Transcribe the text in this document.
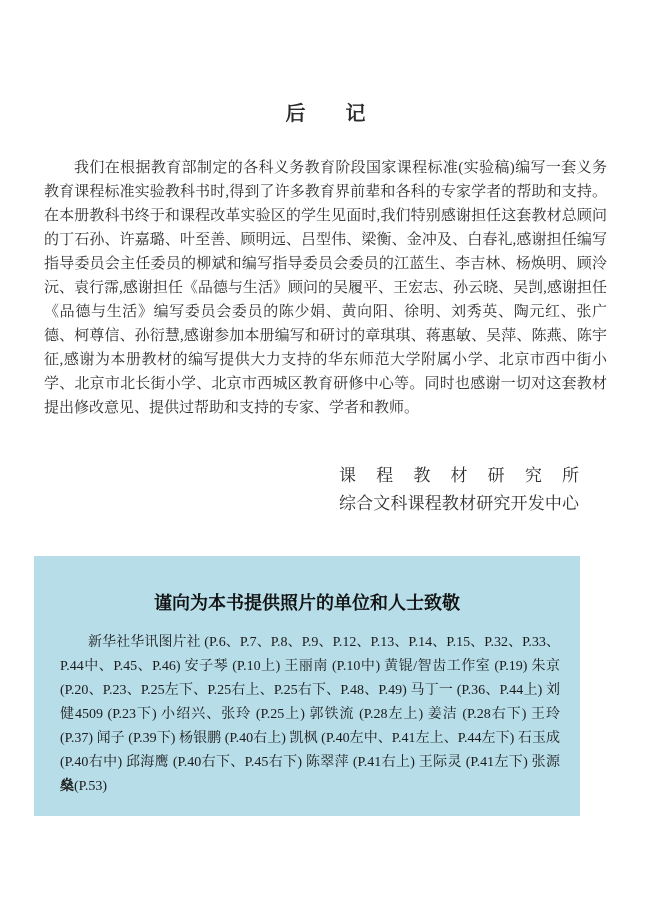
后　　记

我们在根据教育部制定的各科义务教育阶段国家课程标准(实验稿)编写一套义务教育课程标准实验教科书时,得到了许多教育界前辈和各科的专家学者的帮助和支持。在本册教科书终于和课程改革实验区的学生见面时,我们特别感谢担任这套教材总顾问的丁石孙、许嘉璐、叶至善、顾明远、吕型伟、梁衡、金冲及、白春礼,感谢担任编写指导委员会主任委员的柳斌和编写指导委员会委员的江蓝生、李吉林、杨焕明、顾泠沅、袁行霈,感谢担任《品德与生活》顾问的吴履平、王宏志、孙云晓、吴剀,感谢担任《品德与生活》编写委员会委员的陈少娟、黄向阳、徐明、刘秀英、陶元红、张广德、柯尊信、孙衍慧,感谢参加本册编写和研讨的章琪琪、蒋惠敏、吴萍、陈燕、陈宇征,感谢为本册教材的编写提供大力支持的华东师范大学附属小学、北京市西中街小学、北京市北长街小学、北京市西城区教育研修中心等。同时也感谢一切对这套教材提出修改意见、提供过帮助和支持的专家、学者和教师。

课 程 教 材 研 究 所
综合文科课程教材研究开发中心
谨向为本书提供照片的单位和人士致敬

新华社华讯图片社 (P.6、P.7、P.8、P.9、P.12、P.13、P.14、P.15、P.32、P.33、P.44中、P.45、P.46) 安子琴 (P.10上) 王丽南 (P.10中) 黄锟/智齿工作室 (P.19) 朱京 (P.20、P.23、P.25左下、P.25右上、P.25右下、P.48、P.49) 马丁一 (P.36、P.44上) 刘健4509 (P.23下) 小绍兴、张玲 (P.25上) 郭铁流 (P.28左上) 姜洁 (P.28右下) 王玲 (P.37) 闻子 (P.39下) 杨银鹏 (P.40右上) 凯枫 (P.40左中、P.41左上、P.44左下) 石玉成 (P.40右中) 邱海鹰 (P.40右下、P.45右下) 陈翠萍 (P.41右上) 王际灵 (P.41左下) 张源燊(P.53)
